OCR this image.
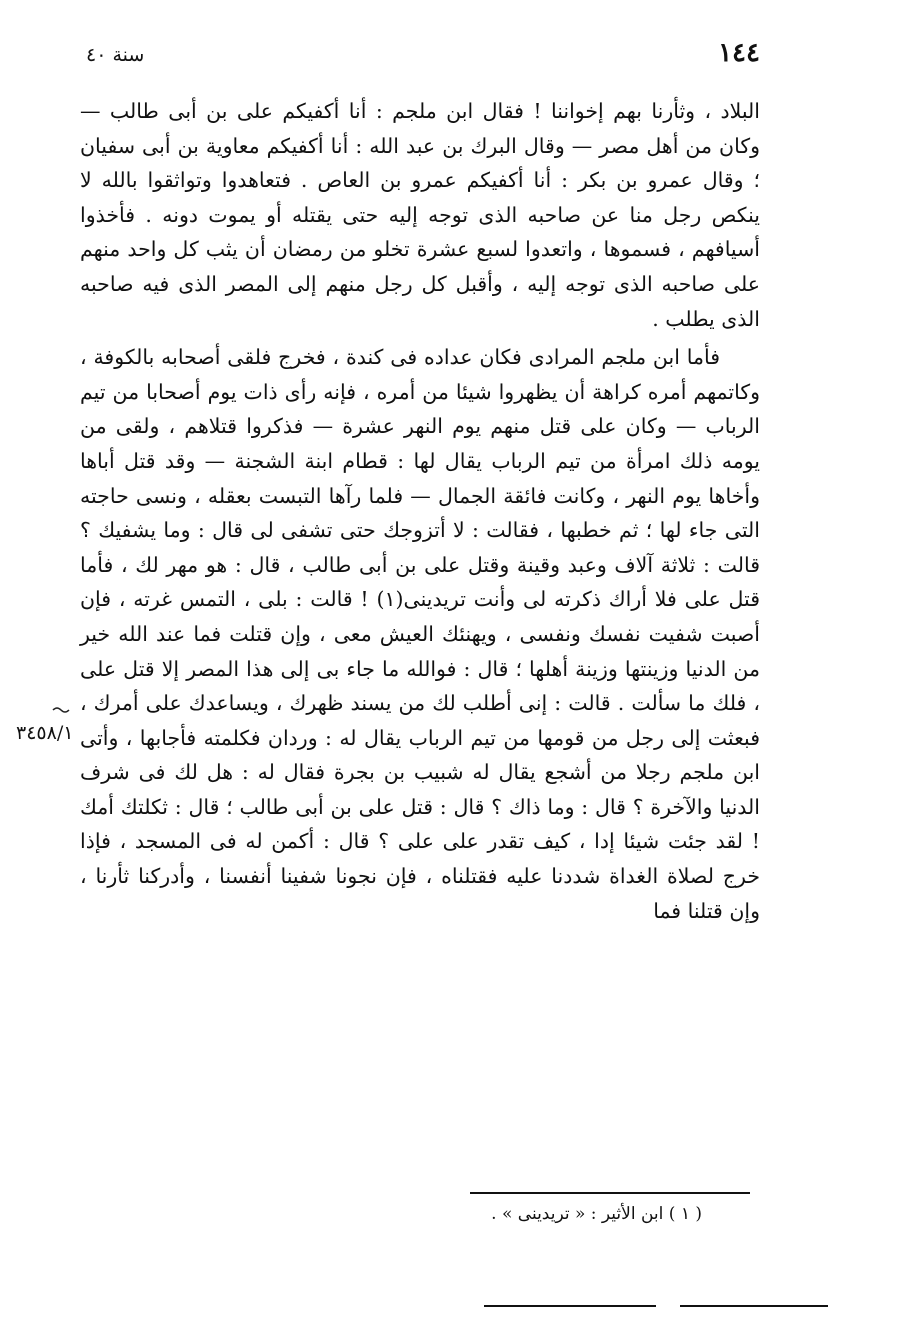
١٤٤
سنة ٤٠

البلاد ، وثأرنا بهم إخواننا ! فقال ابن ملجم : أنا أكفيكم على بن أبى طالب — وكان من أهل مصر — وقال البرك بن عبد الله : أنا أكفيكم معاوية بن أبى سفيان ؛ وقال عمرو بن بكر : أنا أكفيكم عمرو بن العاص . فتعاهدوا وتواثقوا بالله لا ينكص رجل منا عن صاحبه الذى توجه إليه حتى يقتله أو يموت دونه . فأخذوا أسيافهم ، فسموها ، واتعدوا لسبع عشرة تخلو من رمضان أن يثب كل واحد منهم على صاحبه الذى توجه إليه ، وأقبل كل رجل منهم إلى المصر الذى فيه صاحبه الذى يطلب .

فأما ابن ملجم المرادى فكان عداده فى كندة ، فخرج فلقى أصحابه بالكوفة ، وكاتمهم أمره كراهة أن يظهروا شيئا من أمره ، فإنه رأى ذات يوم أصحابا من تيم الرباب — وكان على قتل منهم يوم النهر عشرة — فذكروا قتلاهم ، ولقى من يومه ذلك امرأة من تيم الرباب يقال لها : قطام ابنة الشجنة — وقد قتل أباها وأخاها يوم النهر ، وكانت فائقة الجمال — فلما رآها التبست بعقله ، ونسى حاجته التى جاء لها ؛ ثم خطبها ، فقالت : لا أتزوجك حتى تشفى لى قال : وما يشفيك ؟ قالت : ثلاثة آلاف وعبد وقينة وقتل على بن أبى طالب ، قال : هو مهر لك ، فأما قتل على فلا أراك ذكرته لى وأنت تريدينى(١) ! قالت : بلى ، التمس غرته ، فإن أصبت شفيت نفسك ونفسى ، ويهنئك العيش معى ، وإن قتلت فما عند الله خير من الدنيا وزينتها وزينة أهلها ؛ قال : فوالله ما جاء بى إلى هذا المصر إلا قتل على ، فلك ما سألت . قالت : إنى أطلب لك من يسند ظهرك ، ويساعدك على أمرك ، فبعثت إلى رجل من قومها من تيم الرباب يقال له : وردان فكلمته فأجابها ، وأتى ابن ملجم رجلا من أشجع يقال له شبيب بن بجرة فقال له : هل لك فى شرف الدنيا والآخرة ؟ قال : وما ذاك ؟ قال : قتل على بن أبى طالب ؛ قال : ثكلتك أمك ! لقد جئت شيئا إدا ، كيف تقدر على على ؟ قال : أكمن له فى المسجد ، فإذا خرج لصلاة الغداة شددنا عليه فقتلناه ، فإن نجونا شفينا أنفسنا ، وأدركنا ثأرنا ، وإن قتلنا فما

٣٤٥٨/١
( ١ ) ابن الأثير : « تريدينى » .
